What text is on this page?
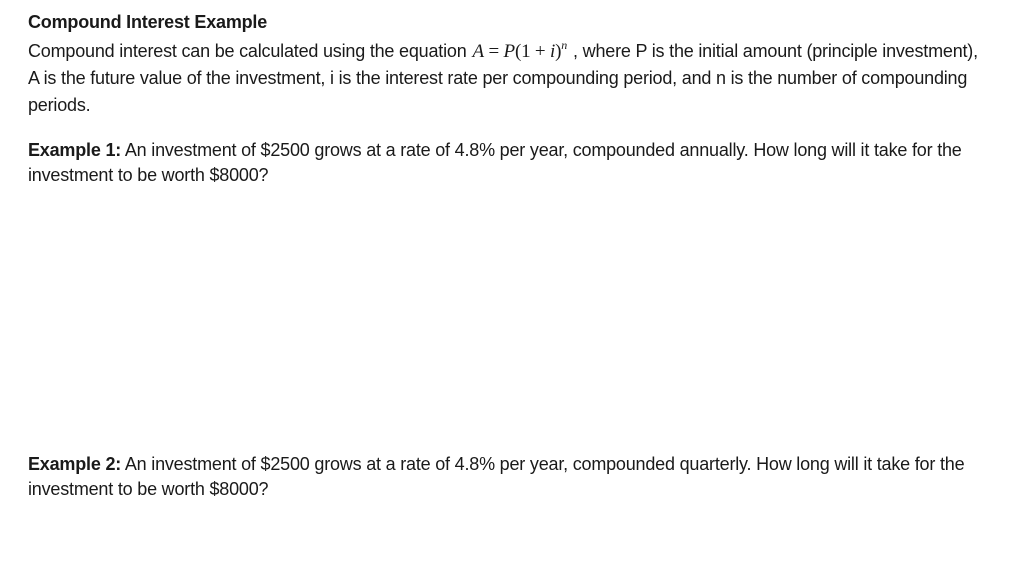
Compound Interest Example

Compound interest can be calculated using the equation $A = P(1 + i)^n$ , where P is the initial amount (principle investment), A is the future value of the investment, i is the interest rate per compounding period, and n is the number of compounding periods.

Example 1: An investment of $2500 grows at a rate of 4.8% per year, compounded annually. How long will it take for the investment to be worth $8000?

Example 2: An investment of $2500 grows at a rate of 4.8% per year, compounded quarterly. How long will it take for the investment to be worth $8000?
